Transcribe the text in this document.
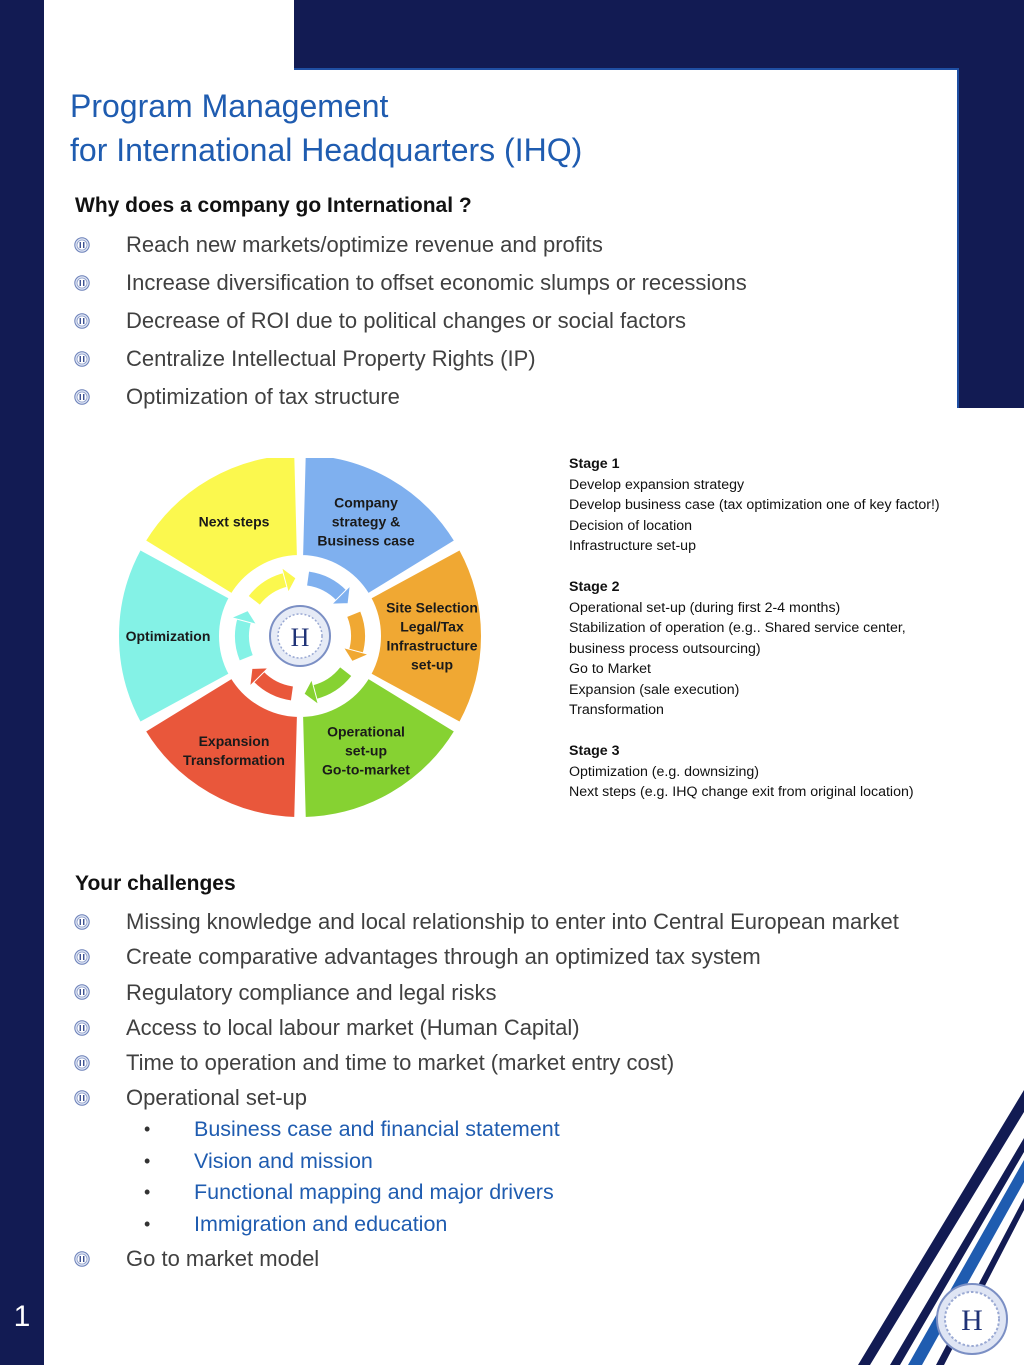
1
Program Management
for International Headquarters (IHQ)
Why does a company go International ?
Reach new markets/optimize revenue and profits
Increase diversification to offset economic slumps or recessions
Decrease of ROI due to political changes or social factors
Centralize Intellectual Property Rights (IP)
Optimization of tax structure
H
Company
strategy &
Business case
Site Selection
Legal/Tax
Infrastructure
set-up
Operational
set-up
Go-to-market
Expansion
Transformation
Optimization
Next steps
Stage 1
Develop expansion strategy
Develop business case (tax optimization one of key factor!)
Decision of location
Infrastructure set-up
Stage 2
Operational set-up (during first 2-4 months)
Stabilization of operation (e.g.. Shared service center, business process outsourcing)
Go to Market
Expansion (sale execution)
Transformation
Stage 3
Optimization (e.g. downsizing)
Next steps (e.g. IHQ change exit from original location)
Your challenges
Missing knowledge and local relationship to enter into Central European market
Create comparative advantages through an optimized tax system
Regulatory compliance and legal risks
Access to local labour market (Human Capital)
Time to operation and time to market (market entry cost)
Operational set-up
• Business case and financial statement
• Vision and mission
• Functional mapping and major drivers
• Immigration and education
Go to market model
H
